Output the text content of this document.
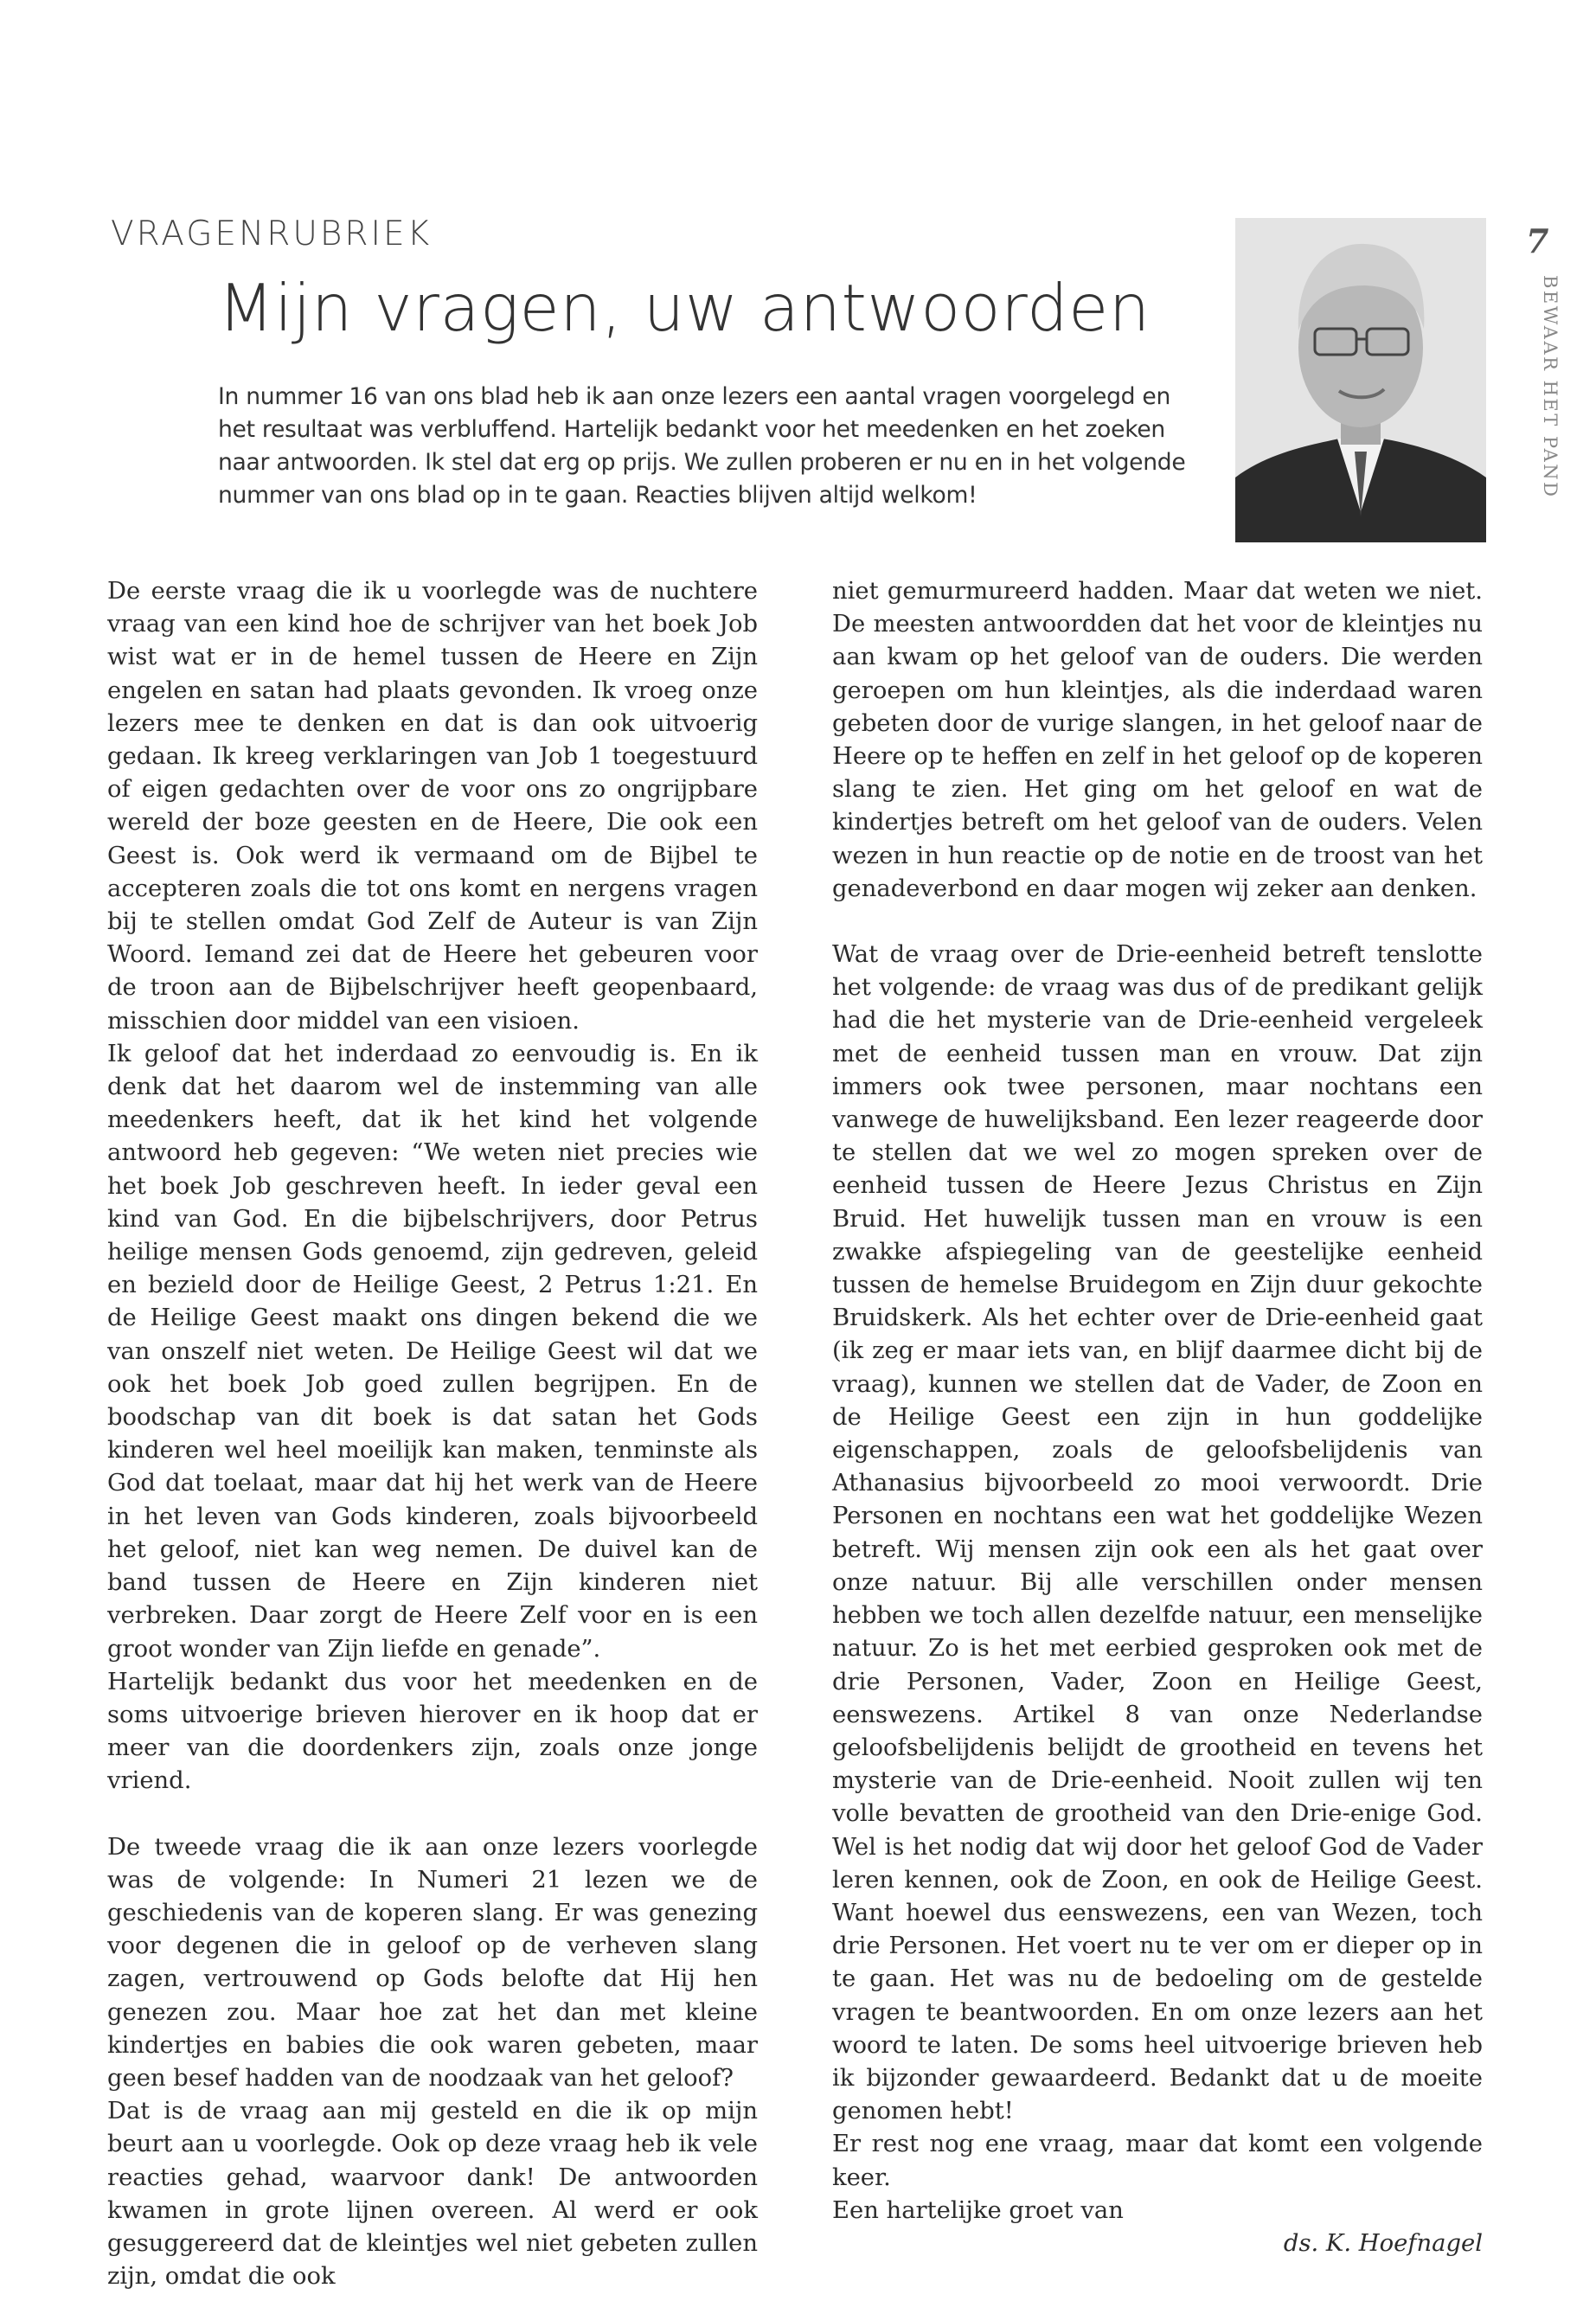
VRAGENRUBRIEK
Mijn vragen, uw antwoorden

In nummer 16 van ons blad heb ik aan onze lezers een aantal vragen voorgelegd en het resultaat was verbluffend. Hartelijk bedankt voor het meedenken en het zoeken naar antwoorden. Ik stel dat erg op prijs. We zullen proberen er nu en in het volgende nummer van ons blad op in te gaan. Reacties blijven altijd welkom!

7
BEWAAR HET PAND

De eerste vraag die ik u voorlegde was de nuchtere vraag van een kind hoe de schrijver van het boek Job wist wat er in de hemel tussen de Heere en Zijn engelen en satan had plaats gevonden. Ik vroeg onze lezers mee te denken en dat is dan ook uitvoerig gedaan. Ik kreeg verklaringen van Job 1 toegestuurd of eigen gedachten over de voor ons zo ongrijpbare wereld der boze geesten en de Heere, Die ook een Geest is. Ook werd ik vermaand om de Bijbel te accepteren zoals die tot ons komt en nergens vragen bij te stellen omdat God Zelf de Auteur is van Zijn Woord. Iemand zei dat de Heere het gebeuren voor de troon aan de Bijbelschrijver heeft geopenbaard, misschien door middel van een visioen.

Ik geloof dat het inderdaad zo eenvoudig is. En ik denk dat het daarom wel de instemming van alle meedenkers heeft, dat ik het kind het volgende antwoord heb gegeven: “We weten niet precies wie het boek Job geschreven heeft. In ieder geval een kind van God. En die bijbelschrijvers, door Petrus heilige mensen Gods genoemd, zijn gedreven, geleid en bezield door de Heilige Geest, 2 Petrus 1:21. En de Heilige Geest maakt ons dingen bekend die we van onszelf niet weten. De Heilige Geest wil dat we ook het boek Job goed zullen begrijpen. En de boodschap van dit boek is dat satan het Gods kinderen wel heel moeilijk kan maken, tenminste als God dat toelaat, maar dat hij het werk van de Heere in het leven van Gods kinderen, zoals bijvoorbeeld het geloof, niet kan weg nemen. De duivel kan de band tussen de Heere en Zijn kinderen niet verbreken. Daar zorgt de Heere Zelf voor en is een groot wonder van Zijn liefde en genade”.

Hartelijk bedankt dus voor het meedenken en de soms uitvoerige brieven hierover en ik hoop dat er meer van die doordenkers zijn, zoals onze jonge vriend.

De tweede vraag die ik aan onze lezers voorlegde was de volgende: In Numeri 21 lezen we de geschiedenis van de koperen slang. Er was genezing voor degenen die in geloof op de verheven slang zagen, vertrouwend op Gods belofte dat Hij hen genezen zou. Maar hoe zat het dan met kleine kindertjes en babies die ook waren gebeten, maar geen besef hadden van de noodzaak van het geloof?

Dat is de vraag aan mij gesteld en die ik op mijn beurt aan u voorlegde. Ook op deze vraag heb ik vele reacties gehad, waarvoor dank! De antwoorden kwamen in grote lijnen overeen. Al werd er ook gesuggereerd dat de kleintjes wel niet gebeten zullen zijn, omdat die ook

niet gemurmureerd hadden. Maar dat weten we niet. De meesten antwoordden dat het voor de kleintjes nu aan kwam op het geloof van de ouders. Die werden geroepen om hun kleintjes, als die inderdaad waren gebeten door de vurige slangen, in het geloof naar de Heere op te heffen en zelf in het geloof op de koperen slang te zien. Het ging om het geloof en wat de kindertjes betreft om het geloof van de ouders. Velen wezen in hun reactie op de notie en de troost van het genadeverbond en daar mogen wij zeker aan denken.

Wat de vraag over de Drie-eenheid betreft tenslotte het volgende: de vraag was dus of de predikant gelijk had die het mysterie van de Drie-eenheid vergeleek met de eenheid tussen man en vrouw. Dat zijn immers ook twee personen, maar nochtans een vanwege de huwelijksband. Een lezer reageerde door te stellen dat we wel zo mogen spreken over de eenheid tussen de Heere Jezus Christus en Zijn Bruid. Het huwelijk tussen man en vrouw is een zwakke afspiegeling van de geestelijke eenheid tussen de hemelse Bruidegom en Zijn duur gekochte Bruidskerk. Als het echter over de Drie-eenheid gaat (ik zeg er maar iets van, en blijf daarmee dicht bij de vraag), kunnen we stellen dat de Vader, de Zoon en de Heilige Geest een zijn in hun goddelijke eigenschappen, zoals de geloofsbelijdenis van Athanasius bijvoorbeeld zo mooi verwoordt. Drie Personen en nochtans een wat het goddelijke Wezen betreft. Wij mensen zijn ook een als het gaat over onze natuur. Bij alle verschillen onder mensen hebben we toch allen dezelfde natuur, een menselijke natuur. Zo is het met eerbied gesproken ook met de drie Personen, Vader, Zoon en Heilige Geest, eenswezens. Artikel 8 van onze Nederlandse geloofsbelijdenis belijdt de grootheid en tevens het mysterie van de Drie-eenheid. Nooit zullen wij ten volle bevatten de grootheid van den Drie-enige God. Wel is het nodig dat wij door het geloof God de Vader leren kennen, ook de Zoon, en ook de Heilige Geest. Want hoewel dus eenswezens, een van Wezen, toch drie Personen. Het voert nu te ver om er dieper op in te gaan. Het was nu de bedoeling om de gestelde vragen te beantwoorden. En om onze lezers aan het woord te laten. De soms heel uitvoerige brieven heb ik bijzonder gewaardeerd. Bedankt dat u de moeite genomen hebt!

Er rest nog ene vraag, maar dat komt een volgende keer.

Een hartelijke groet van

ds. K. Hoefnagel
